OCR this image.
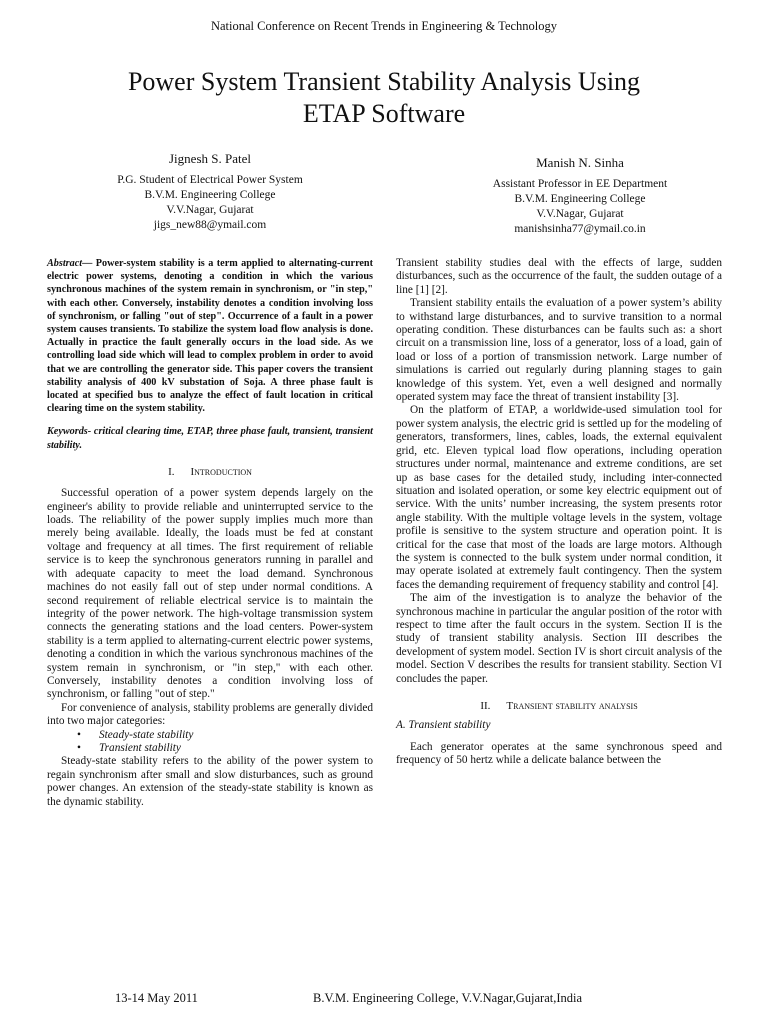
National Conference on Recent Trends in Engineering & Technology
Power System Transient Stability Analysis Using
ETAP Software
Jignesh S. Patel
P.G. Student of Electrical Power System
B.V.M. Engineering College
V.V.Nagar, Gujarat
jigs_new88@ymail.com
Manish N. Sinha
Assistant Professor in EE Department
B.V.M. Engineering College
V.V.Nagar, Gujarat
manishsinha77@ymail.co.in

Abstract— Power-system stability is a term applied to alternating-current electric power systems, denoting a condition in which the various synchronous machines of the system remain in synchronism, or "in step," with each other. Conversely, instability denotes a condition involving loss of synchronism, or falling "out of step". Occurrence of a fault in a power system causes transients. To stabilize the system load flow analysis is done. Actually in practice the fault generally occurs in the load side. As we controlling load side which will lead to complex problem in order to avoid that we are controlling the generator side. This paper covers the transient stability analysis of 400 kV substation of Soja. A three phase fault is located at specified bus to analyze the effect of fault location in critical clearing time on the system stability.

Keywords- critical clearing time, ETAP, three phase fault, transient, transient stability.

I. Introduction

Successful operation of a power system depends largely on the engineer's ability to provide reliable and uninterrupted service to the loads. The reliability of the power supply implies much more than merely being available. Ideally, the loads must be fed at constant voltage and frequency at all times. The first requirement of reliable service is to keep the synchronous generators running in parallel and with adequate capacity to meet the load demand. Synchronous machines do not easily fall out of step under normal conditions. A second requirement of reliable electrical service is to maintain the integrity of the power network. The high-voltage transmission system connects the generating stations and the load centers. Power-system stability is a term applied to alternating-current electric power systems, denoting a condition in which the various synchronous machines of the system remain in synchronism, or "in step," with each other. Conversely, instability denotes a condition involving loss of synchronism, or falling "out of step."

For convenience of analysis, stability problems are generally divided into two major categories:

• Steady-state stability
• Transient stability

Steady-state stability refers to the ability of the power system to regain synchronism after small and slow disturbances, such as ground power changes. An extension of the steady-state stability is known as the dynamic stability.

Transient stability studies deal with the effects of large, sudden disturbances, such as the occurrence of the fault, the sudden outage of a line [1] [2].

Transient stability entails the evaluation of a power system’s ability to withstand large disturbances, and to survive transition to a normal operating condition. These disturbances can be faults such as: a short circuit on a transmission line, loss of a generator, loss of a load, gain of load or loss of a portion of transmission network. Large number of simulations is carried out regularly during planning stages to gain knowledge of this system. Yet, even a well designed and normally operated system may face the threat of transient instability [3].

On the platform of ETAP, a worldwide-used simulation tool for power system analysis, the electric grid is settled up for the modeling of generators, transformers, lines, cables, loads, the external equivalent grid, etc. Eleven typical load flow operations, including operation structures under normal, maintenance and extreme conditions, are set up as base cases for the detailed study, including inter-connected situation and isolated operation, or some key electric equipment out of service. With the units’ number increasing, the system presents rotor angle stability. With the multiple voltage levels in the system, voltage profile is sensitive to the system structure and operation point. It is critical for the case that most of the loads are large motors. Although the system is connected to the bulk system under normal condition, it may operate isolated at extremely fault contingency. Then the system faces the demanding requirement of frequency stability and control [4].

The aim of the investigation is to analyze the behavior of the synchronous machine in particular the angular position of the rotor with respect to time after the fault occurs in the system. Section II is the study of transient stability analysis. Section III describes the development of system model. Section IV is short circuit analysis of the model. Section V describes the results for transient stability. Section VI concludes the paper.

II. Transient stability analysis
A. Transient stability

Each generator operates at the same synchronous speed and frequency of 50 hertz while a delicate balance between the

13-14 May 2011	B.V.M. Engineering College, V.V.Nagar,Gujarat,India
